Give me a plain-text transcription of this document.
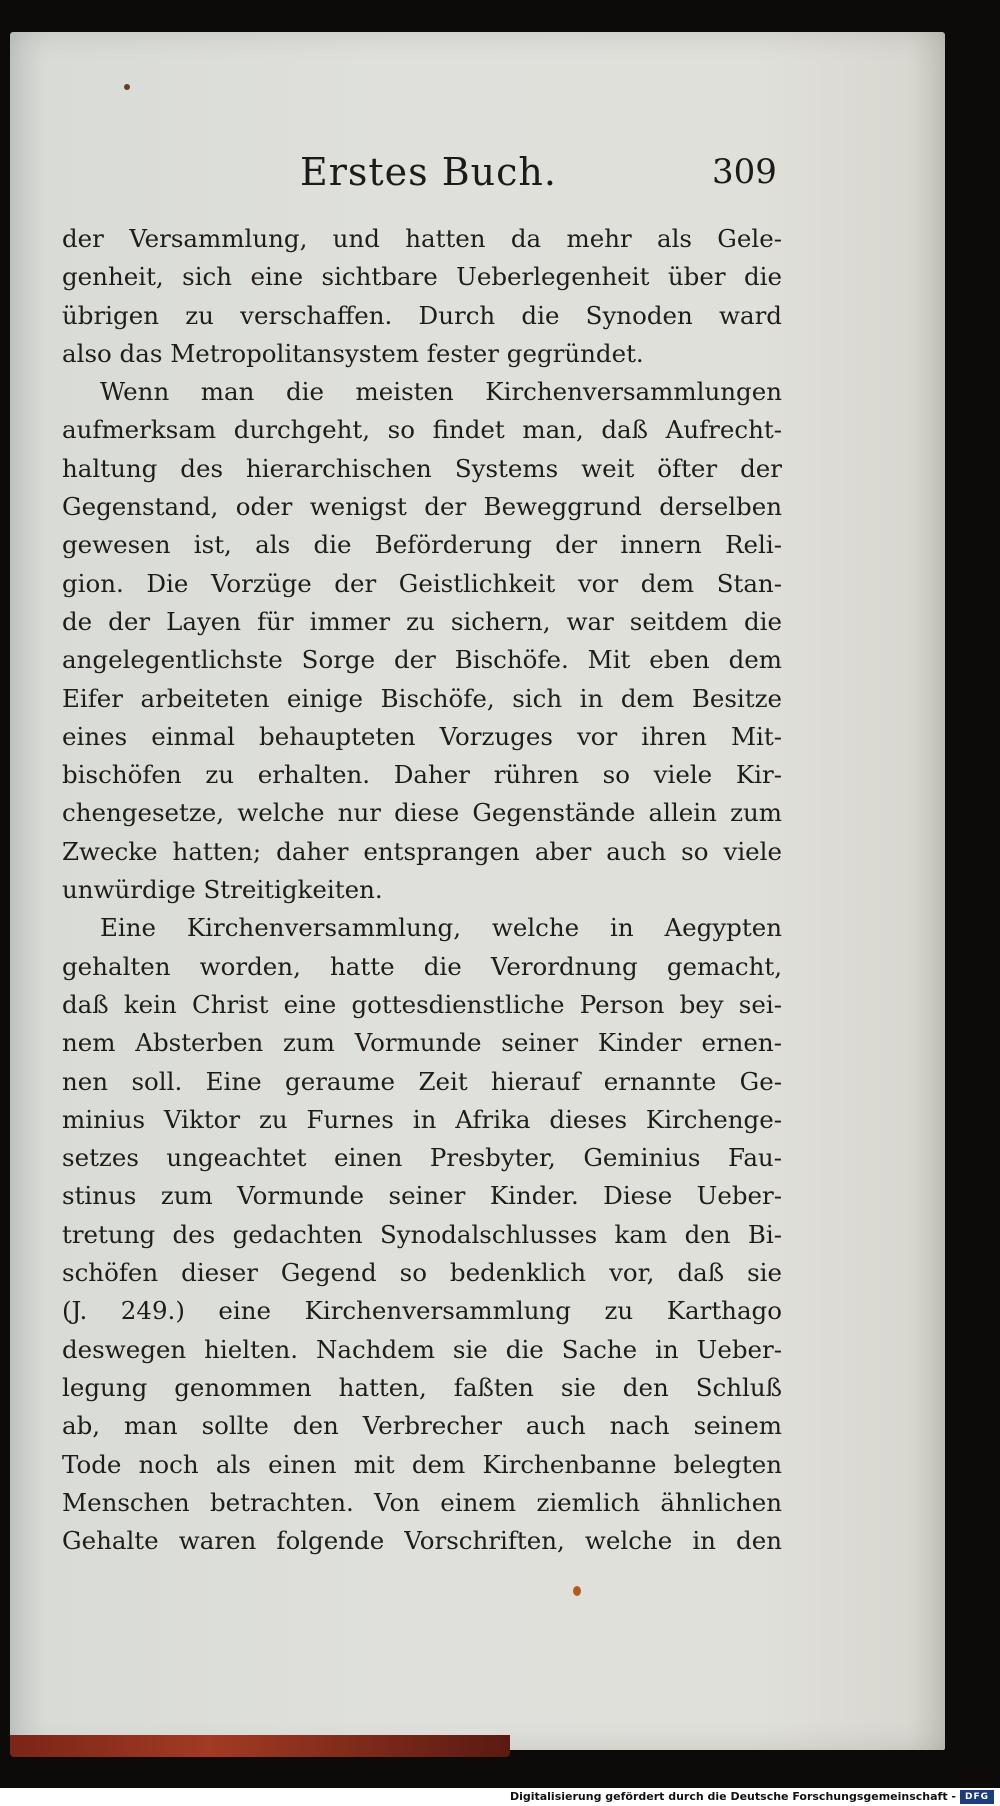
Erstes Buch.	309
der Versammlung, und hatten da mehr als Gele-
genheit, sich eine sichtbare Ueberlegenheit über die
übrigen zu verschaffen. Durch die Synoden ward
also das Metropolitansystem fester gegründet.
Wenn man die meisten Kirchenversammlungen
aufmerksam durchgeht, so findet man, daß Aufrecht-
haltung des hierarchischen Systems weit öfter der
Gegenstand, oder wenigst der Beweggrund derselben
gewesen ist, als die Beförderung der innern Reli-
gion. Die Vorzüge der Geistlichkeit vor dem Stan-
de der Layen für immer zu sichern, war seitdem die
angelegentlichste Sorge der Bischöfe. Mit eben dem
Eifer arbeiteten einige Bischöfe, sich in dem Besitze
eines einmal behaupteten Vorzuges vor ihren Mit-
bischöfen zu erhalten. Daher rühren so viele Kir-
chengesetze, welche nur diese Gegenstände allein zum
Zwecke hatten; daher entsprangen aber auch so viele
unwürdige Streitigkeiten.
Eine Kirchenversammlung, welche in Aegypten
gehalten worden, hatte die Verordnung gemacht,
daß kein Christ eine gottesdienstliche Person bey sei-
nem Absterben zum Vormunde seiner Kinder ernen-
nen soll. Eine geraume Zeit hierauf ernannte Ge-
minius Viktor zu Furnes in Afrika dieses Kirchenge-
setzes ungeachtet einen Presbyter, Geminius Fau-
stinus zum Vormunde seiner Kinder. Diese Ueber-
tretung des gedachten Synodalschlusses kam den Bi-
schöfen dieser Gegend so bedenklich vor, daß sie
(J. 249.) eine Kirchenversammlung zu Karthago
deswegen hielten. Nachdem sie die Sache in Ueber-
legung genommen hatten, faßten sie den Schluß
ab, man sollte den Verbrecher auch nach seinem
Tode noch als einen mit dem Kirchenbanne belegten
Menschen betrachten. Von einem ziemlich ähnlichen
Gehalte waren folgende Vorschriften, welche in den
Digitalisierung gefördert durch die Deutsche Forschungsgemeinschaft - DFG
